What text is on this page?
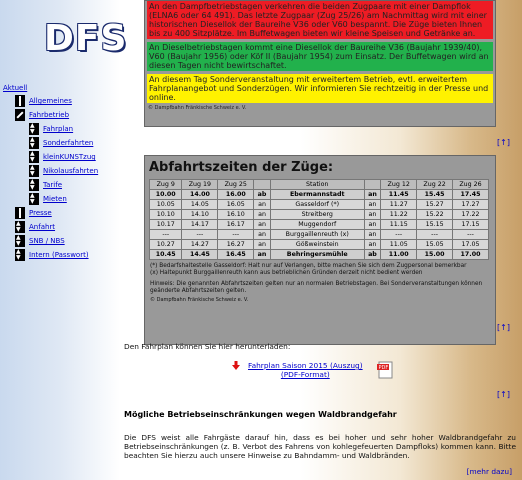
DFS
Aktuell
Allgemeines
Fahrbetrieb
▼ ▲
Fahrplan
▼ ▲
Sonderfahrten
▼ ▲
kleinKUNSTzug
▼ ▲
Nikolausfahrten
▼ ▲
Tarife
▼ ▲
Mieten
Presse
▼ ▲
Anfahrt
▼ ▲
SNB / NBS
▼ ▲
Intern (Passwort)
An den Dampfbetriebstagen verkehren die beiden Zugpaare mit einer Dampflok (ELNA6 oder 64 491). Das letzte Zugpaar (Zug 25/26) am Nachmittag wird mit einer historischen Diesellok der Baureihe V36 oder V60 bespannt. Die Züge bieten Ihnen bis zu 400 Sitzplätze. Im Buffetwagen bieten wir kleine Speisen und Getränke an.
An Dieselbetriebstagen kommt eine Diesellok der Baureihe V36 (Baujahr 1939/40), V60 (Baujahr 1956) oder Köf II (Baujahr 1954) zum Einsatz. Der Buffetwagen wird an diesen Tagen nicht bewirtschaftet.
An diesem Tag Sonderveranstaltung mit erweitertem Betrieb, evtl. erweitertem Fahrplanangebot und Sonderzügen. Wir informieren Sie rechtzeitig in der Presse und online.
© Dampfbahn Fränkische Schweiz e. V.
[↑]
Abfahrtszeiten der Züge:
Zug 9	Zug 19	Zug 25		Station		Zug 12	Zug 22	Zug 26
10.00	14.00	16.00	ab	Ebermannstadt	an	11.45	15.45	17.45
10.05	14.05	16.05	an	Gasseldorf (*)	an	11.27	15.27	17.27
10.10	14.10	16.10	an	Streitberg	an	11.22	15.22	17.22
10.17	14.17	16.17	an	Muggendorf	an	11.15	15.15	17.15
---	---	---	an	Burggaillenreuth (x)	an	---	---	---
10.27	14.27	16.27	an	Gößweinstein	an	11.05	15.05	17.05
10.45	14.45	16.45	an	Behringersmühle	ab	11.00	15.00	17.00
(*) Bedarfshaltestelle Gasseldorf: Halt nur auf Verlangen, bitte machen Sie sich dem Zugpersonal bemerkbar
(x) Haltepunkt Burggaillenreuth kann aus betrieblichen Gründen derzeit nicht bedient werden
Hinweis: Die genannten Abfahrtszeiten gelten nur an normalen Betriebstagen. Bei Sonderveranstaltungen können geänderte Abfahrtszeiten gelten.
© Dampfbahn Fränkische Schweiz e. V.
[↑]
Den Fahrplan können Sie hier herunterladen:
Fahrplan Saison 2015 (Auszug)
(PDF-Format)
PDF
[↑]
Mögliche Betriebseinschränkungen wegen Waldbrandgefahr
Die DFS weist alle Fahrgäste darauf hin, dass es bei hoher und sehr hoher Waldbrandgefahr zu Betriebseinschränkungen (z. B. Verbot des Fahrens von kohlegefeuerten Dampfloks) kommen kann. Bitte beachten Sie hierzu auch unsere Hinweise zu Bahndamm- und Waldbränden.
[mehr dazu]
